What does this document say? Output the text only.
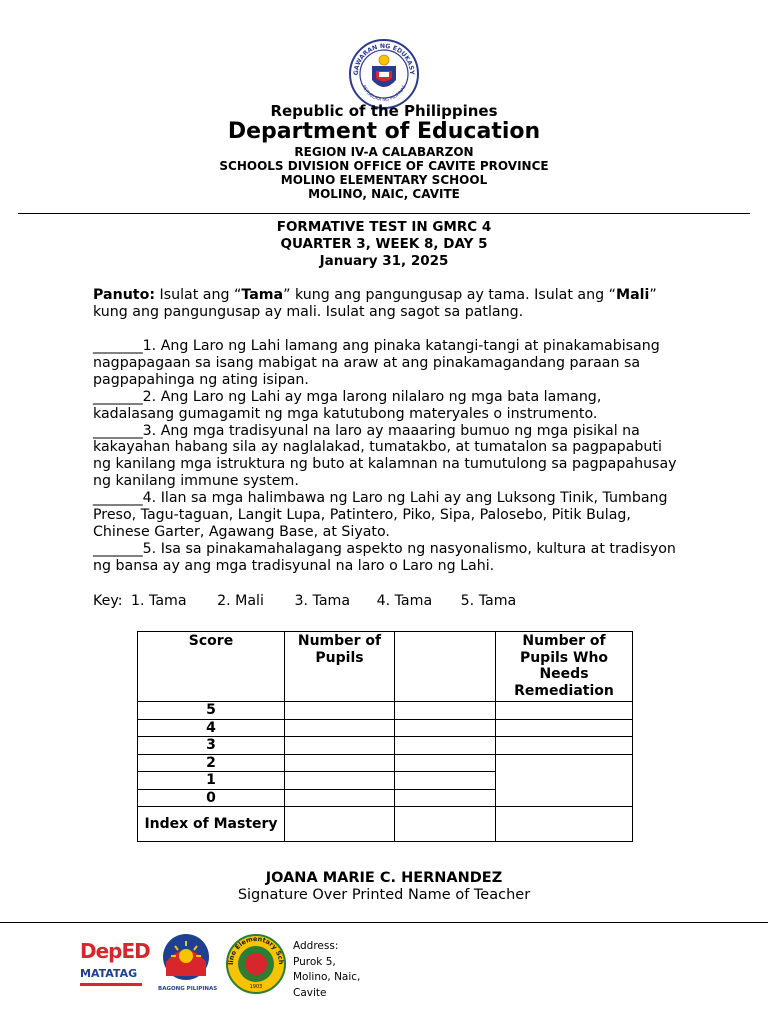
GAWARAN NG EDUKASY
REPUBLIKA NG PILIPINAS
Republic of the Philippines
Department of Education
REGION IV-A CALABARZON
SCHOOLS DIVISION OFFICE OF CAVITE PROVINCE
MOLINO ELEMENTARY SCHOOL
MOLINO, NAIC, CAVITE
FORMATIVE TEST IN GMRC 4
QUARTER 3, WEEK 8, DAY 5
January 31, 2025
Panuto: Isulat ang “Tama” kung ang pangungusap ay tama. Isulat ang “Mali” kung ang pangungusap ay mali. Isulat ang sagot sa patlang.
_______1. Ang Laro ng Lahi lamang ang pinaka katangi-tangi at pinakamabisang nagpapagaan sa isang mabigat na araw at ang pinakamagandang paraan sa pagpapahinga ng ating isipan.
_______2. Ang Laro ng Lahi ay mga larong nilalaro ng mga bata lamang, kadalasang gumagamit ng mga katutubong materyales o instrumento.
_______3. Ang mga tradisyunal na laro ay maaaring bumuo ng mga pisikal na kakayahan habang sila ay naglalakad, tumatakbo, at tumatalon sa pagpapabuti ng kanilang mga istruktura ng buto at kalamnan na tumutulong sa pagpapahusay ng kanilang immune system.
_______4. Ilan sa mga halimbawa ng Laro ng Lahi ay ang Luksong Tinik, Tumbang Preso, Tagu-taguan, Langit Lupa, Patintero, Piko, Sipa, Palosebo, Pitik Bulag, Chinese Garter, Agawang Base, at Siyato.
_______5. Isa sa pinakamahalagang aspekto ng nasyonalismo, kultura at tradisyon ng bansa ay ang mga tradisyunal na laro o Laro ng Lahi.
Key: 1. Tama 2. Mali 3. Tama 4. Tama 5. Tama
Score	Number of Pupils		Number of Pupils Who Needs Remediation
5			
4			
3			
2			
1			
0			
Index of Mastery			
JOANA MARIE C. HERNANDEZ
Signature Over Printed Name of Teacher
DepED
MATATAG
BAGONG PILIPINAS
lino Elementary Sch
1903
Address:
Purok 5,
Molino, Naic,
Cavite
